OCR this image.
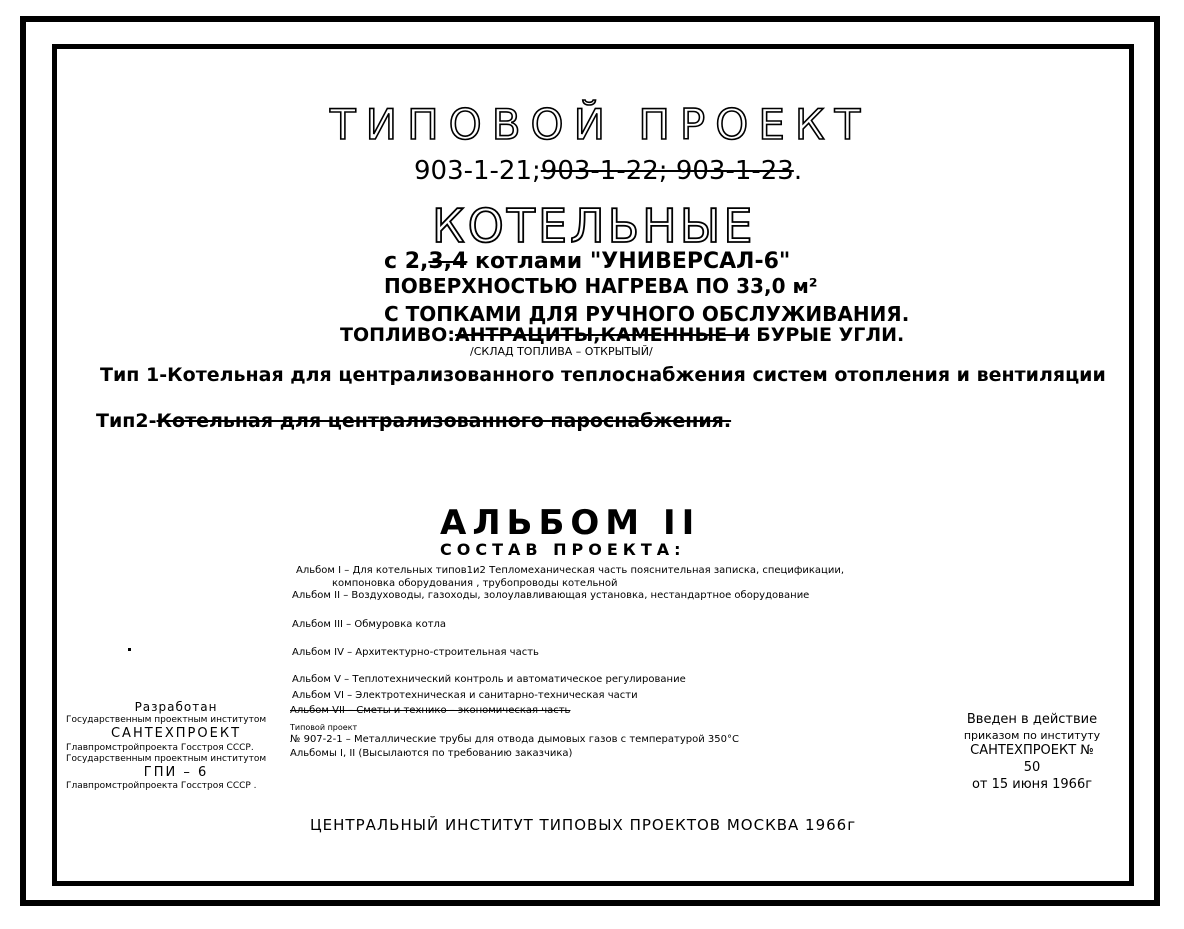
ТИПОВОЙ ПРОЕКТ
903-1-21;903-1-22; 903-1-23.
КОТЕЛЬНЫЕ
с 2,3,4 котлами "УНИВЕРСАЛ-6"
ПОВЕРХНОСТЬЮ НАГРЕВА ПО 33,0 м²
С ТОПКАМИ ДЛЯ РУЧНОГО ОБСЛУЖИВАНИЯ.
ТОПЛИВО:АНТРАЦИТЫ,КАМЕННЫЕ И БУРЫЕ УГЛИ.
/СКЛАД ТОПЛИВА – ОТКРЫТЫЙ/
Тип 1-Котельная для централизованного теплоснабжения систем отопления и вентиляции
Тип2-Котельная для централизованного пароснабжения.
АЛЬБОМ II
СОСТАВ ПРОЕКТА:
Альбом I – Для котельных типов1и2 Тепломеханическая часть пояснительная записка, спецификации,
компоновка оборудования , трубопроводы котельной
Альбом II – Воздуховоды, газоходы, золоулавливающая установка, нестандартное оборудование
Альбом III – Обмуровка котла
Альбом IV – Архитектурно-строительная часть
Альбом V – Теплотехнический контроль и автоматическое регулирование
Альбом VI – Электротехническая и санитарно-техническая части
Альбом VII – Сметы и технико – экономическая часть
Типовой проект
№ 907-2-1 – Металлические трубы для отвода дымовых газов с температурой 350°С
Альбомы I, II (Высылаются по требованию заказчика)
Разработан
Государственным проектным институтом
САНТЕХПРОЕКТ
Главпромстройпроекта Госстроя СССР.
Государственным проектным институтом
ГПИ – 6
Главпромстройпроекта Госстроя СССР .
Введен в действие
приказом по институту
САНТЕХПРОЕКТ № 50
от 15 июня 1966г
ЦЕНТРАЛЬНЫЙ ИНСТИТУТ ТИПОВЫХ ПРОЕКТОВ МОСКВА 1966г
